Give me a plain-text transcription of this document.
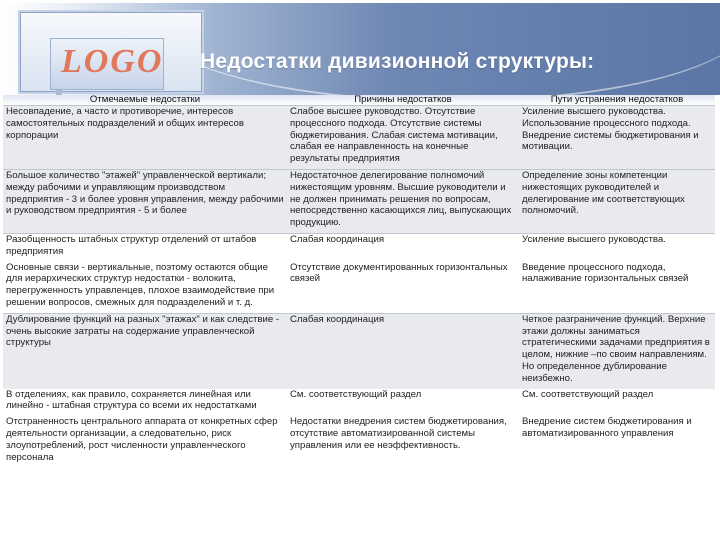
LOGO Недостатки дивизионной структуры:
Отмечаемые недостатки	Причины недостатков	Пути устранения недостатков
Несовпадение, а часто и противоречие, интересов самостоятельных подразделений и общих интересов корпорации	Слабое высшее руководство. Отсутствие процессного подхода. Отсутствие системы бюджетирования. Слабая система мотивации, слабая ее направленность на конечные результаты предприятия	Усиление высшего руководства. Использование процессного подхода. Внедрение системы бюджетирования и мотивации.
Большое количество "этажей" управленческой вертикали; между рабочими и управляющим производством предприятия - 3 и более уровня управления, между рабочими и руководством предприятия - 5 и более	Недостаточное делегирование полномочий нижестоящим уровням. Высшие руководители и не должен принимать решения по вопросам, непосредственно касающихся лиц, выпускающих продукцию.	Определение зоны компетенции нижестоящих руководителей и делегирование им соответствующих полномочий.
Разобщенность штабных структур отделений от штабов предприятия	Слабая координация	Усиление высшего руководства.
Основные связи - вертикальные, поэтому остаются общие для иерархических структур недостатки - волокита, перегруженность управленцев, плохое взаимодействие при решении вопросов, смежных для подразделений и т. д.	Отсутствие документированных горизонтальных связей	Введение процессного подхода, налаживание горизонтальных связей
Дублирование функций на разных "этажах" и как следствие - очень высокие затраты на содержание управленческой структуры	Слабая координация	Четкое разграничение функций. Верхние этажи должны заниматься стратегическими задачами предприятия в целом, нижние –по своим направлениям. Но определенное дублирование неизбежно.
В отделениях, как правило, сохраняется линейная или линейно - штабная структура со всеми их недостатками	См. соответствующий раздел	См. соответствующий раздел
Отстраненность центрального аппарата от конкретных сфер деятельности организации, а следовательно, риск злоупотреблений, рост численности управленческого персонала	Недостатки внедрения систем бюджетирования, отсутствие автоматизированной системы управления или ее неэффективность.	Внедрение систем бюджетирования и автоматизированного управления
